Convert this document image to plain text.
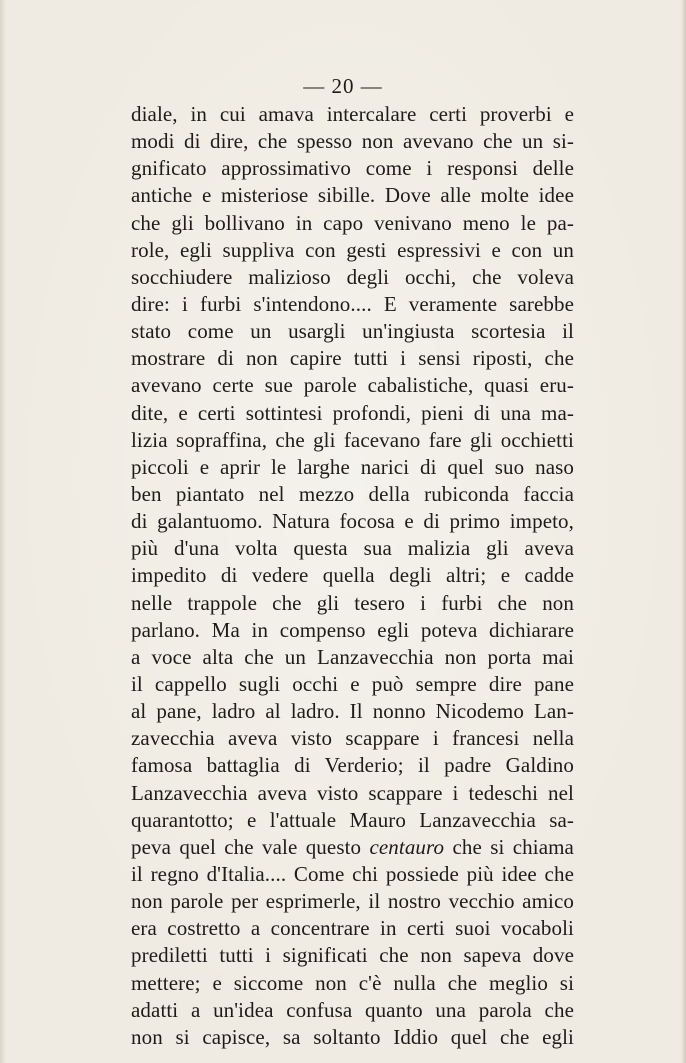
— 20 —
diale, in cui amava intercalare certi proverbi e
modi di dire, che spesso non avevano che un si-
gnificato approssimativo come i responsi delle
antiche e misteriose sibille. Dove alle molte idee
che gli bollivano in capo venivano meno le pa-
role, egli suppliva con gesti espressivi e con un
socchiudere malizioso degli occhi, che voleva
dire: i furbi s'intendono.... E veramente sarebbe
stato come un usargli un'ingiusta scortesia il
mostrare di non capire tutti i sensi riposti, che
avevano certe sue parole cabalistiche, quasi eru-
dite, e certi sottintesi profondi, pieni di una ma-
lizia sopraffina, che gli facevano fare gli occhietti
piccoli e aprir le larghe narici di quel suo naso
ben piantato nel mezzo della rubiconda faccia
di galantuomo. Natura focosa e di primo impeto,
più d'una volta questa sua malizia gli aveva
impedito di vedere quella degli altri; e cadde
nelle trappole che gli tesero i furbi che non
parlano. Ma in compenso egli poteva dichiarare
a voce alta che un Lanzavecchia non porta mai
il cappello sugli occhi e può sempre dire pane
al pane, ladro al ladro. Il nonno Nicodemo Lan-
zavecchia aveva visto scappare i francesi nella
famosa battaglia di Verderio; il padre Galdino
Lanzavecchia aveva visto scappare i tedeschi nel
quarantotto; e l'attuale Mauro Lanzavecchia sa-
peva quel che vale questo centauro che si chiama
il regno d'Italia.... Come chi possiede più idee che
non parole per esprimerle, il nostro vecchio amico
era costretto a concentrare in certi suoi vocaboli
prediletti tutti i significati che non sapeva dove
mettere; e siccome non c'è nulla che meglio si
adatti a un'idea confusa quanto una parola che
non si capisce, sa soltanto Iddio quel che egli
